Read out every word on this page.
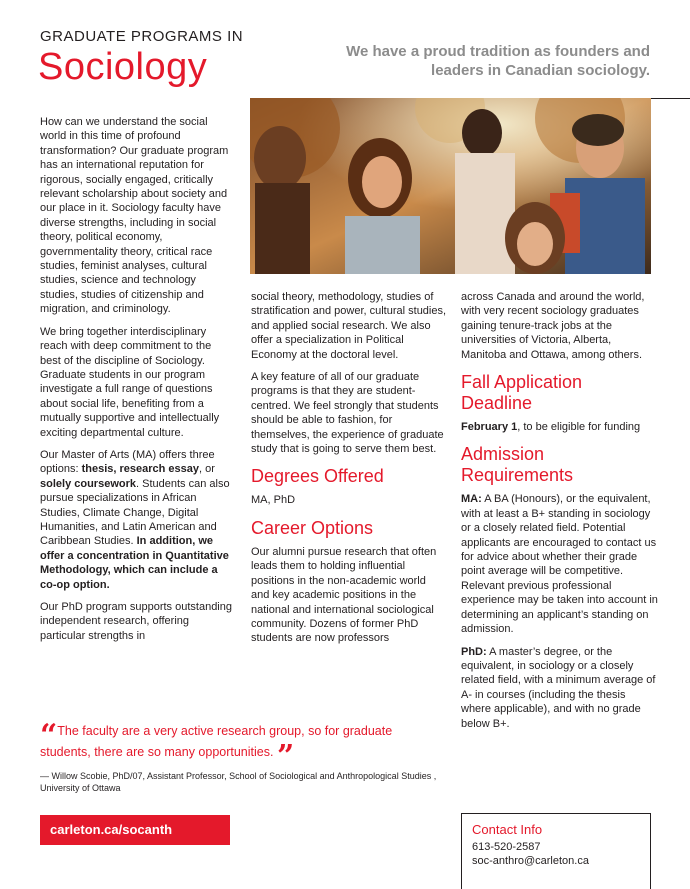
GRADUATE PROGRAMS IN
Sociology	We have a proud tradition as founders and leaders in Canadian sociology.

How can we understand the social world in this time of profound transformation? Our graduate program has an international reputation for rigorous, socially engaged, critically relevant scholarship about society and our place in it. Sociology faculty have diverse strengths, including in social theory, political economy, governmentality theory, critical race studies, feminist analyses, cultural studies, science and technology studies, studies of citizenship and migration, and criminology.

We bring together interdisciplinary reach with deep commitment to the best of the discipline of Sociology. Graduate students in our program investigate a full range of questions about social life, benefiting from a mutually supportive and intellectually exciting departmental culture.

Our Master of Arts (MA) offers three options: thesis, research essay, or solely coursework. Students can also pursue specializations in African Studies, Climate Change, Digital Humanities, and Latin American and Caribbean Studies. In addition, we offer a concentration in Quantitative Methodology, which can include a co-op option.

Our PhD program supports outstanding independent research, offering particular strengths in

social theory, methodology, studies of stratification and power, cultural studies, and applied social research. We also offer a specialization in Political Economy at the doctoral level.

A key feature of all of our graduate programs is that they are student-centred. We feel strongly that students should be able to fashion, for themselves, the experience of graduate study that is going to serve them best.

Degrees Offered

MA, PhD

Career Options

Our alumni pursue research that often leads them to holding influential positions in the non-academic world and key academic positions in the national and international sociological community. Dozens of former PhD students are now professors

across Canada and around the world, with very recent sociology graduates gaining tenure-track jobs at the universities of Victoria, Alberta, Manitoba and Ottawa, among others.

Fall Application Deadline

February 1, to be eligible for funding

Admission Requirements

MA: A BA (Honours), or the equivalent, with at least a B+ standing in sociology or a closely related field. Potential applicants are encouraged to contact us for advice about whether their grade point average will be competitive. Relevant previous professional experience may be taken into account in determining an applicant’s standing on admission.

PhD: A master’s degree, or the equivalent, in sociology or a closely related field, with a minimum average of A- in courses (including the thesis where applicable), and with no grade below B+.

“The faculty are a very active research group, so for graduate students, there are so many opportunities. ”
— Willow Scobie, PhD/07, Assistant Professor, School of Sociological and Anthropological Studies , University of Ottawa
carleton.ca/socanth	Contact Info
613-520-2587
soc-anthro@carleton.ca
